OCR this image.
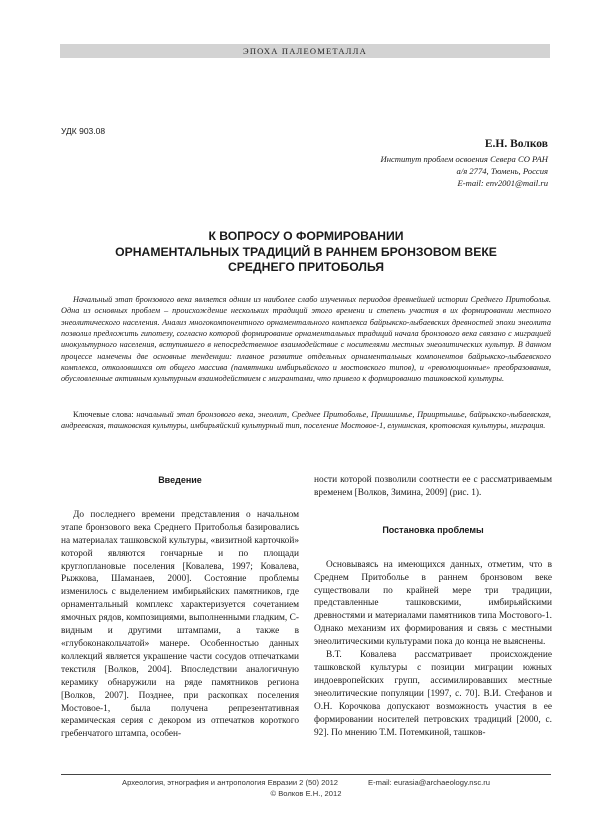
ЭПОХА ПАЛЕОМЕТАЛЛА
УДК 903.08
Е.Н. Волков
Институт проблем освоения Севера СО РАН
а/я 2774, Тюмень, Россия
E-mail: env2001@mail.ru
К ВОПРОСУ О ФОРМИРОВАНИИ
ОРНАМЕНТАЛЬНЫХ ТРАДИЦИЙ В РАННЕМ БРОНЗОВОМ ВЕКЕ
СРЕДНЕГО ПРИТОБОЛЬЯ

Начальный этап бронзового века является одним из наиболее слабо изученных периодов древнейшей истории Среднего Притоболья. Одна из основных проблем – происхождение нескольких традиций этого времени и степень участия в их формировании местного энеолитического населения. Анализ многокомпонентного орнаментального комплекса байрыкско-лыбаевских древностей эпохи энеолита позволил предложить гипотезу, согласно которой формирование орнаментальных традиций начала бронзового века связано с миграцией инокультурного населения, вступившего в непосредственное взаимодействие с носителями местных энеолитических культур. В данном процессе намечены две основные тенденции: плавное развитие отдельных орнаментальных компонентов байрыкско-лыбаевского комплекса, отколовшихся от общего массива (памятники имбирьяйского и мостовского типов), и «революционные» преобразования, обусловленные активным культурным взаимодействием с мигрантами, что привело к формированию ташковской культуры.

Ключевые слова: начальный этап бронзового века, энеолит, Среднее Притоболье, Приишимье, Прииртышье, байрыкско-лыбаевская, андреевская, ташковская культуры, имбирьяйский культурный тип, поселение Мостовое-1, елунинская, кротовская культуры, миграция.

Введение

До последнего времени представления о начальном этапе бронзового века Среднего Притоболья базировались на материалах ташковской культуры, «визитной карточкой» которой являются гончарные и по площади круглоплановые поселения [Ковалева, 1997; Ковалева, Рыжкова, Шаманаев, 2000]. Состояние проблемы изменилось с выделением имбирьяйских памятников, где орнаментальный комплекс характеризуется сочетанием ямочных рядов, композициями, выполненными гладким, С-видным и другими штампами, а также в «глубоконакольчатой» манере. Особенностью данных коллекций является украшение части сосудов отпечатками текстиля [Волков, 2004]. Впоследствии аналогичную керамику обнаружили на ряде памятников региона [Волков, 2007]. Позднее, при раскопках поселения Мостовое-1, была получена репрезентативная керамическая серия с декором из отпечатков короткого гребенчатого штампа, особен-

ности которой позволили соотнести ее с рассматриваемым временем [Волков, Зимина, 2009] (рис. 1).

Постановка проблемы

Основываясь на имеющихся данных, отметим, что в Среднем Притоболье в раннем бронзовом веке существовали по крайней мере три традиции, представленные ташковскими, имбирьяйскими древностями и материалами памятников типа Мостового-1. Однако механизм их формирования и связь с местными энеолитическими культурами пока до конца не выяснены.

В.Т. Ковалева рассматривает происхождение ташковской культуры с позиции миграции южных индоевропейских групп, ассимилировавших местные энеолитические популяции [1997, с. 70]. В.И. Стефанов и О.Н. Корочкова допускают возможность участия в ее формировании носителей петровских традиций [2000, с. 92]. По мнению Т.М. Потемкиной, ташков-

Археология, этнография и антропология Евразии 2 (50) 2012	E-mail: eurasia@archaeology.nsc.ru
© Волков Е.Н., 2012
